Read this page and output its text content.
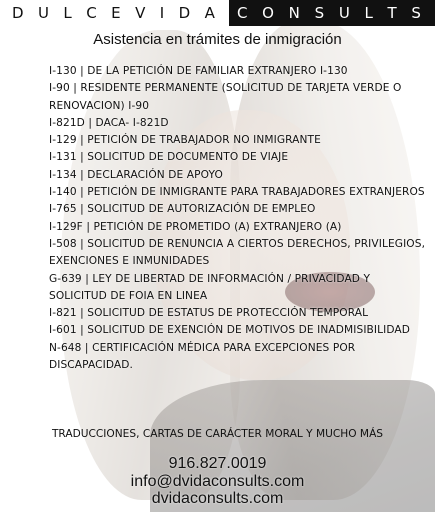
D U L C E V I D A C O N S U L T S
Asistencia en trámites de inmigración
I-130 | DE LA PETICIÓN DE FAMILIAR EXTRANJERO I-130
I-90 | RESIDENTE PERMANENTE (SOLICITUD DE TARJETA VERDE O RENOVACION) I-90
I-821D | DACA- I-821D
I-129 | PETICIÓN DE TRABAJADOR NO INMIGRANTE
I-131 | SOLICITUD DE DOCUMENTO DE VIAJE
I-134 | DECLARACIÓN DE APOYO
I-140 | PETICIÓN DE INMIGRANTE PARA TRABAJADORES EXTRANJEROS
I-765 | SOLICITUD DE AUTORIZACIÓN DE EMPLEO
I-129F | PETICIÓN DE PROMETIDO (A) EXTRANJERO (A)
I-508 | SOLICITUD DE RENUNCIA A CIERTOS DERECHOS, PRIVILEGIOS, EXENCIONES E INMUNIDADES
G-639 | LEY DE LIBERTAD DE INFORMACIÓN / PRIVACIDAD Y SOLICITUD DE FOIA EN LINEA
I-821 | SOLICITUD DE ESTATUS DE PROTECCIÓN TEMPORAL
I-601 | SOLICITUD DE EXENCIÓN DE MOTIVOS DE INADMISIBILIDAD
N-648 | CERTIFICACIÓN MÉDICA PARA EXCEPCIONES POR DISCAPACIDAD.
TRADUCCIONES, CARTAS DE CARÁCTER MORAL Y MUCHO MÁS
916.827.0019
info@dvidaconsults.com
dvidaconsults.com
